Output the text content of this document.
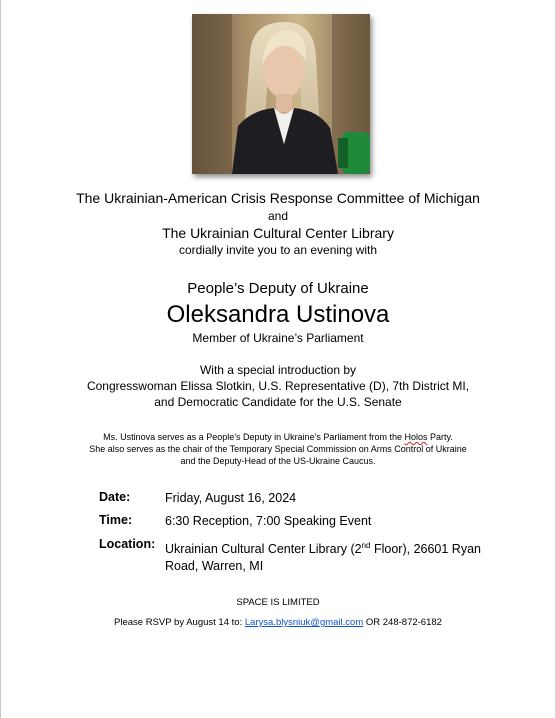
The Ukrainian-American Crisis Response Committee of Michigan
and
The Ukrainian Cultural Center Library
cordially invite you to an evening with
People’s Deputy of Ukraine
Oleksandra Ustinova
Member of Ukraine’s Parliament
With a special introduction by
Congresswoman Elissa Slotkin, U.S. Representative (D), 7th District MI,
and Democratic Candidate for the U.S. Senate
Ms. Ustinova serves as a People’s Deputy in Ukraine’s Parliament from the Holos Party.
She also serves as the chair of the Temporary Special Commission on Arms Control of Ukraine
and the Deputy-Head of the US-Ukraine Caucus.
Date:	Friday, August 16, 2024
Time:	6:30 Reception, 7:00 Speaking Event
Location: Ukrainian Cultural Center Library (2nd Floor), 26601 Ryan Road, Warren, MI
SPACE IS LIMITED
Please RSVP by August 14 to: Larysa.blysniuk@gmail.com OR 248-872-6182
